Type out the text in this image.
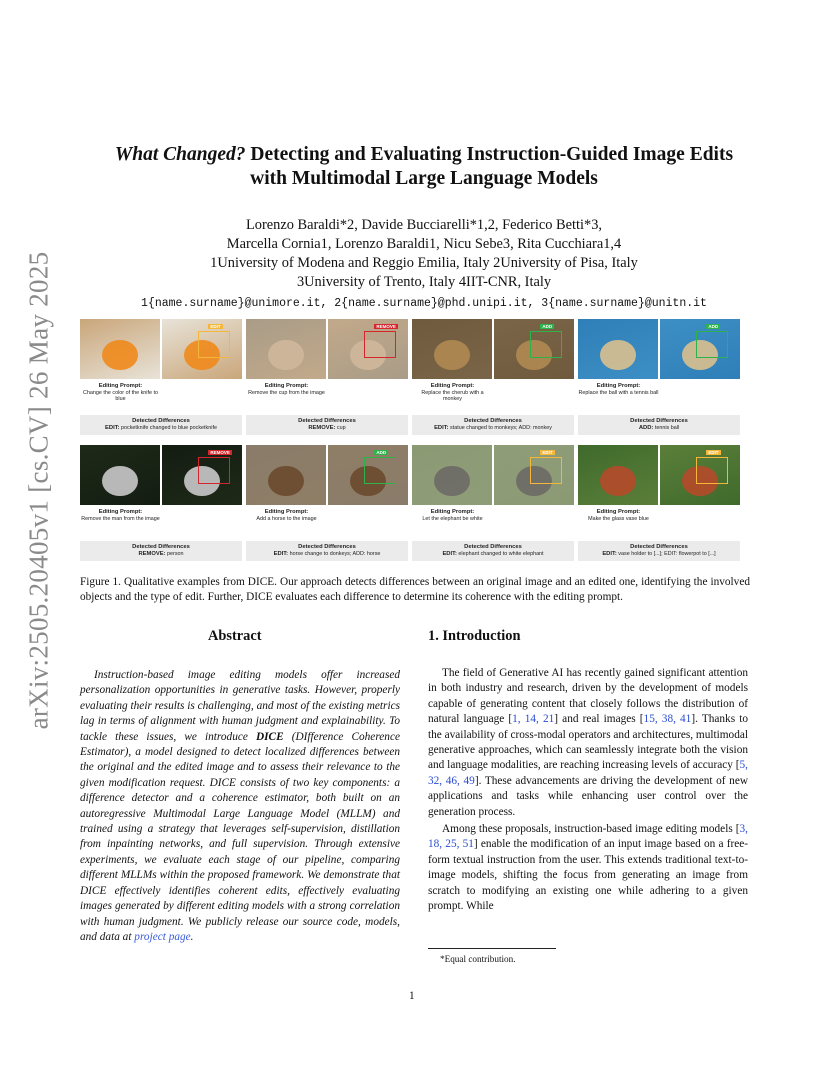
arXiv:2505.20405v1 [cs.CV] 26 May 2025
What Changed? Detecting and Evaluating Instruction-Guided Image Edits
with Multimodal Large Language Models
Lorenzo Baraldi*2, Davide Bucciarelli*1,2, Federico Betti*3,
Marcella Cornia1, Lorenzo Baraldi1, Nicu Sebe3, Rita Cucchiara1,4
1University of Modena and Reggio Emilia, Italy 2University of Pisa, Italy
3University of Trento, Italy 4IIT-CNR, Italy
1{name.surname}@unimore.it, 2{name.surname}@phd.unipi.it, 3{name.surname}@unitn.it
EDIT
Editing Prompt:
Change the color of the knife to blue
Detected Differences
EDIT: pocketknife changed to blue pocketknife
REMOVE
Editing Prompt:
Remove the cup from the image
Detected Differences
REMOVE: cup
ADD
Editing Prompt:
Replace the cherub with a monkey
Detected Differences
EDIT: statue changed to monkeys; ADD: monkey
ADD
Editing Prompt:
Replace the ball with a tennis ball
Detected Differences
ADD: tennis ball
REMOVE
Editing Prompt:
Remove the man from the image
Detected Differences
REMOVE: person
ADD
Editing Prompt:
Add a horse to the image
Detected Differences
EDIT: horse change to donkeys; ADD: horse
EDIT
Editing Prompt:
Let the elephant be white
Detected Differences
EDIT: elephant changed to white elephant
EDIT
Editing Prompt:
Make the glass vase blue
Detected Differences
EDIT: vase holder to [...]; EDIT: flowerpot to [...]
Figure 1. Qualitative examples from DICE. Our approach detects differences between an original image and an edited one, identifying the involved objects and the type of edit. Further, DICE evaluates each difference to determine its coherence with the editing prompt.
Abstract
Instruction-based image editing models offer increased personalization opportunities in generative tasks. However, properly evaluating their results is challenging, and most of the existing metrics lag in terms of alignment with human judgment and explainability. To tackle these issues, we introduce DICE (DIfference Coherence Estimator), a model designed to detect localized differences between the original and the edited image and to assess their relevance to the given modification request. DICE consists of two key components: a difference detector and a coherence estimator, both built on an autoregressive Multimodal Large Language Model (MLLM) and trained using a strategy that leverages self-supervision, distillation from inpainting networks, and full supervision. Through extensive experiments, we evaluate each stage of our pipeline, comparing different MLLMs within the proposed framework. We demonstrate that DICE effectively identifies coherent edits, effectively evaluating images generated by different editing models with a strong correlation with human judgment. We publicly release our source code, models, and data at project page.
1. Introduction

The field of Generative AI has recently gained significant attention in both industry and research, driven by the development of models capable of generating content that closely follows the distribution of natural language [1, 14, 21] and real images [15, 38, 41]. Thanks to the availability of cross-modal operators and architectures, multimodal generative approaches, which can seamlessly integrate both the vision and language modalities, are reaching increasing levels of accuracy [5, 32, 46, 49]. These advancements are driving the development of new applications and tasks while enhancing user control over the generation process.

Among these proposals, instruction-based image editing models [3, 18, 25, 51] enable the modification of an input image based on a free-form textual instruction from the user. This extends traditional text-to-image models, shifting the focus from generating an image from scratch to modifying an existing one while adhering to a given prompt. While

*Equal contribution.
1
